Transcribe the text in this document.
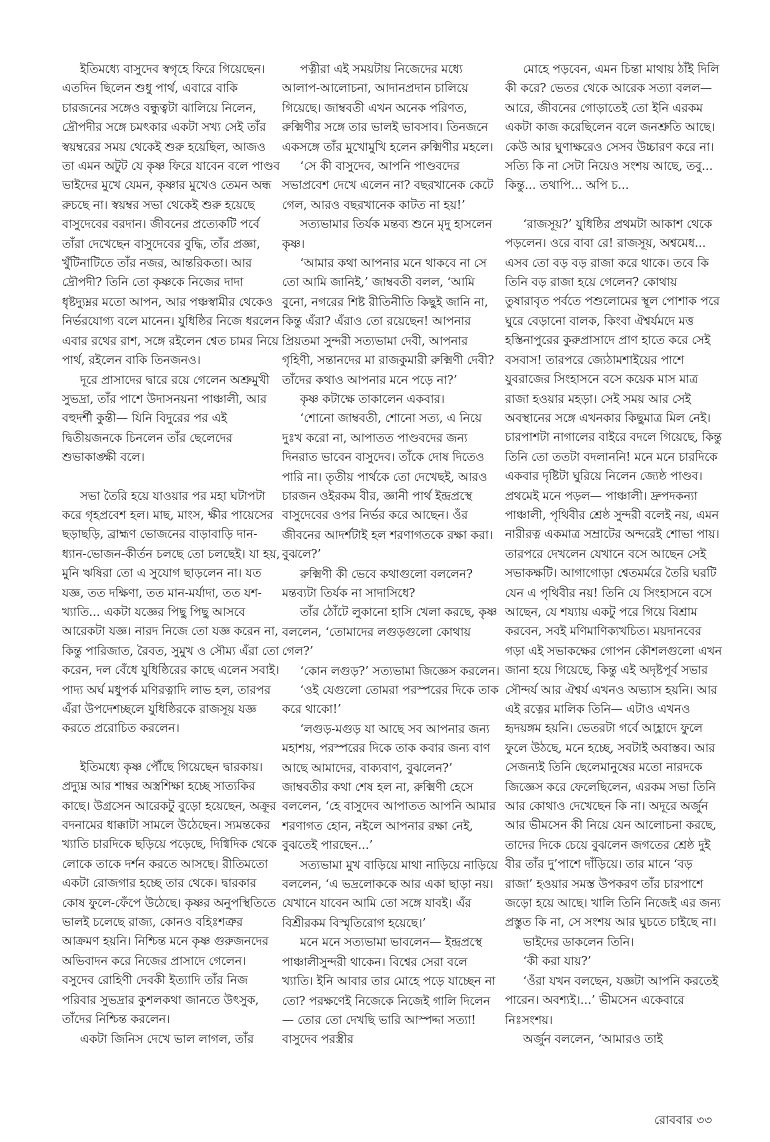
ইতিমধ্যে বাসুদেব স্বগৃহে ফিরে গিয়েছেন। এতদিন ছিলেন শুধু পার্থ, এবারে বাকি চারজনের সঙ্গেও বন্ধুত্বটা ঝালিয়ে নিলেন, দ্রৌপদীর সঙ্গে চমৎকার একটা সখ্য সেই তাঁর স্বয়ম্বরের সময় থেকেই শুরু হয়েছিল, আজও তা এমন অটুট যে কৃষ্ণ ফিরে যাবেন বলে পাণ্ডব ভাইদের মুখে যেমন, কৃষ্ণার মুখেও তেমন অন্ধ রুচছে না। স্বয়ম্বর সভা থেকেই শুরু হয়েছে বাসুদেবের বরদান। জীবনের প্রত্যেকটি পর্বে তাঁরা দেখেছেন বাসুদেবের বুদ্ধি, তাঁর প্রজ্ঞা, খুঁটিনাটিতে তাঁর নজর, আন্তরিকতা। আর দ্রৌপদী? তিনি তো কৃষ্ণকে নিজের দাদা ধৃষ্টদ্যুম্নর মতো আপন, আর পঞ্চস্বামীর থেকেও নির্ভরযোগ্য বলে মানেন। যুধিষ্ঠির নিজে ধরলেন এবার রথের রাশ, সঙ্গে রইলেন শ্বেত চামর নিয়ে পার্থ, রইলেন বাকি তিনজনও।

দূরে প্রাসাদের দ্বারে রয়ে গেলেন অশ্রুমুখী সুভদ্রা, তাঁর পাশে উদাসনয়না পাঞ্চালী, আর বহুদর্শী কুন্তী— যিনি বিদুরের পর এই দ্বিতীয়জনকে চিনলেন তাঁর ছেলেদের শুভাকাঙ্ক্ষী বলে।

সভা তৈরি হয়ে যাওয়ার পর মহা ঘটাপটা করে গৃহপ্রবেশ হল। মাছ, মাংস, ক্ষীর পায়েসের ছড়াছড়ি, ব্রাহ্মণ ভোজনের বাড়াবাড়ি দান-ধ্যান-ভোজন-কীর্তন চলছে তো চলছেই। যা হয়, মুনি ঋষিরা তো এ সুযোগ ছাড়লেন না। যত যজ্ঞ, তত দক্ষিণা, তত মান-মর্যাদা, তত যশ-খ্যাতি... একটা যজ্ঞের পিছু পিছু আসবে আরেকটা যজ্ঞ। নারদ নিজে তো যজ্ঞ করেন না, কিন্তু পারিজাত, রৈবত, সুমুখ ও সৌম্য এঁরা তো করেন, দল বেঁধে যুধিষ্ঠিরের কাছে এলেন সবাই। পাদ্য অর্ঘ মধুপর্ক মণিরত্নাদি লাভ হল, তারপর এঁরা উপদেশচ্ছলে যুধিষ্ঠিরকে রাজসূয় যজ্ঞ করতে প্ররোচিত করলেন।

ইতিমধ্যে কৃষ্ণ পৌঁছে গিয়েছেন দ্বারকায়। প্রদ্যুম্ন আর শাম্বর অস্ত্রশিক্ষা হচ্ছে সাত্যকির কাছে। উগ্রসেন আরেকটু বুড়ো হয়েছেন, অক্রূর বদনামের ধাক্কাটা সামলে উঠেছেন। স্যমন্তকের খ্যাতি চারদিকে ছড়িয়ে পড়েছে, দিগ্বিদিক থেকে লোকে তাকে দর্শন করতে আসছে। রীতিমতো একটা রোজগার হচ্ছে তার থেকে। দ্বারকার কোষ ফুলে-ফেঁপে উঠেছে। কৃষ্ণর অনুপস্থিতিতে ভালই চলেছে রাজ্য, কোনও বহিঃশত্রুর আক্রমণ হয়নি। নিশ্চিন্ত মনে কৃষ্ণ গুরুজনদের অভিবাদন করে নিজের প্রাসাদে গেলেন। বসুদেব রোহিণী দেবকী ইত্যাদি তাঁর নিজ পরিবার সুভদ্রার কুশলকথা জানতে উৎসুক, তাঁদের নিশ্চিন্ত করলেন।

একটা জিনিস দেখে ভাল লাগল, তাঁর

পত্নীরা এই সময়টায় নিজেদের মধ্যে আলাপ-আলোচনা, আদানপ্রদান চালিয়ে গিয়েছে। জাম্ববতী এখন অনেক পরিণত, রুক্মিণীর সঙ্গে তার ভালই ভাবসাব। তিনজনে একসঙ্গে তাঁর মুখোমুখি হলেন রুক্মিণীর মহলে।

‘সে কী বাসুদেব, আপনি পাণ্ডবদের সভাপ্রবেশ দেখে এলেন না? বছরখানেক কেটে গেল, আরও বছরখানেক কাটত না হয়!’

সত্যভামার তির্যক মন্তব্য শুনে মৃদু হাসলেন কৃষ্ণ।

‘আমার কথা আপনার মনে থাকবে না সে তো আমি জানিই,’ জাম্ববতী বলল, ‘আমি বুনো, নগরের শিষ্ট রীতিনীতি কিছুই জানি না, কিন্তু এঁরা? এঁরাও তো রয়েছেন! আপনার প্রিয়তমা সুন্দরী সত্যভামা দেবী, আপনার গৃহিণী, সন্তানদের মা রাজকুমারী রুক্মিণী দেবী? তাঁদের কথাও আপনার মনে পড়ে না?’

কৃষ্ণ কটাক্ষে তাকালেন একবার।

‘শোনো জাম্ববতী, শোনো সত্য, এ নিয়ে দুঃখ করো না, আপাতত পাণ্ডবদের জন্য দিনরাত ভাবেন বাসুদেব। তাঁকে দোষ দিতেও পারি না। তৃতীয় পার্থকে তো দেখেছই, আরও চারজন ওইরকম বীর, জ্ঞানী পার্থ ইন্দ্রপ্রস্থে বাসুদেবের ওপর নির্ভর করে আছেন। ওঁর জীবনের আদর্শটাই হল শরণাগতকে রক্ষা করা। বুঝলে?’

রুক্মিণী কী ভেবে কথাগুলো বললেন? মন্তব্যটা তির্যক না সাদাসিধে?

তাঁর ঠোঁটে লুকানো হাসি খেলা করছে, কৃষ্ণ বললেন, ‘তোমাদের লগুড়গুলো কোথায় গেল?’

‘কোন লগুড়?’ সত্যভামা জিজ্ঞেস করলেন।

‘ওই যেগুলো তোমরা পরস্পরের দিকে তাক করে থাকো!’

‘লগুড়-মগুড় যা আছে সব আপনার জন্য মহাশয়, পরস্পরের দিকে তাক কবার জন্য বাণ আছে আমাদের, বাক্যবাণ, বুঝলেন?’ জাম্ববতীর কথা শেষ হল না, রুক্মিণী হেসে বললেন, ‘হে বাসুদেব আপাতত আপনি আমার শরণাগত হোন, নইলে আপনার রক্ষা নেই, বুঝতেই পারছেন...’

সত্যভামা মুখ বাড়িয়ে মাথা নাড়িয়ে নাড়িয়ে বললেন, ‘এ ভদ্রলোককে আর একা ছাড়া নয়। যেখানে যাবেন আমি তো সঙ্গে যাবই। এঁর বিশ্রীরকম বিস্মৃতিরোগ হয়েছে।’

মনে মনে সত্যভামা ভাবলেন— ইন্দ্রপ্রস্থে পাঞ্চালীসুন্দরী থাকেন। বিশ্বের সেরা বলে খ্যাতি। ইনি আবার তার মোহে পড়ে যাচ্ছেন না তো? পরক্ষণেই নিজেকে নিজেই গালি দিলেন— তোর তো দেখছি ভারি আস্পদ্দা সত্যা! বাসুদেব পরস্ত্রীর

মোহে পড়বেন, এমন চিন্তা মাথায় ঠাঁই দিলি কী করে? ভেতর থেকে আরেক সত্যা বলল— আরে, জীবনের গোড়াতেই তো ইনি এরকম একটা কাজ করেছিলেন বলে জনশ্রুতি আছে। কেউ আর ঘুণাক্ষরেও সেসব উচ্চারণ করে না। সত্যি কি না সেটা নিয়েও সংশয় আছে, তবু... কিন্তু... তথাপি... অপি চ...

‘রাজসূয়?’ যুধিষ্ঠির প্রথমটা আকাশ থেকে পড়লেন। ওরে বাবা রে! রাজসূয়, অশ্বমেধ... এসব তো বড় বড় রাজা করে থাকে। তবে কি তিনি বড় রাজা হয়ে গেলেন? কোথায় তুষারাবৃত পর্বতে পশুলোমের স্থূল পোশাক পরে ঘুরে বেড়ানো বালক, কিংবা ঐশ্বর্যমদে মত্ত হস্তিনাপুরের কুরুপ্রাসাদে প্রাণ হাতে করে সেই বসবাস! তারপরে জ্যেঠামশাইয়ের পাশে যুবরাজের সিংহাসনে বসে কয়েক মাস মাত্র রাজা হওয়ার মহড়া। সেই সময় আর সেই অবস্থানের সঙ্গে এখনকার কিছুমাত্র মিল নেই। চারপাশটা নাগালের বাইরে বদলে গিয়েছে, কিন্তু তিনি তো ততটা বদলাননি! মনে মনে চারদিকে একবার দৃষ্টিটা ঘুরিয়ে নিলেন জ্যেষ্ঠ পাণ্ডব। প্রথমেই মনে পড়ল— পাঞ্চালী। দ্রুপদকন্যা পাঞ্চালী, পৃথিবীর শ্রেষ্ঠ সুন্দরী বলেই নয়, এমন নারীরত্ন একমাত্র সম্রাটের অন্দরেই শোভা পায়। তারপরে দেখলেন যেখানে বসে আছেন সেই সভাকক্ষটি। আগাগোড়া শ্বেতমর্মরে তৈরি ঘরটি যেন এ পৃথিবীর নয়! তিনি যে সিংহাসনে বসে আছেন, যে শয্যায় একটু পরে গিয়ে বিশ্রাম করবেন, সবই মণিমাণিক্যখচিত। ময়দানবের গড়া এই সভাকক্ষের গোপন কৌশলগুলো এখন জানা হয়ে গিয়েছে, কিন্তু এই অদৃষ্টপূর্ব সভার সৌন্দর্য আর ঐশ্বর্য এখনও অভ্যাস হয়নি। আর এই রত্নের মালিক তিনি— এটাও এখনও হৃদয়ঙ্গম হয়নি। ভেতরটা গর্বে আহ্লাদে ফুলে ফুলে উঠছে, মনে হচ্ছে, সবটাই অবাস্তব। আর সেজন্যই তিনি ছেলেমানুষের মতো নারদকে জিজ্ঞেস করে ফেলেছিলেন, এরকম সভা তিনি আর কোথাও দেখেছেন কি না। অদূরে অর্জুন আর ভীমসেন কী নিয়ে যেন আলোচনা করছে, তাদের দিকে চেয়ে বুঝলেন জগতের শ্রেষ্ঠ দুই বীর তাঁর দু’পাশে দাঁড়িয়ে। তার মানে ‘বড় রাজা’ হওয়ার সমস্ত উপকরণ তাঁর চারপাশে জড়ো হয়ে আছে। খালি তিনি নিজেই এর জন্য প্রস্তুত কি না, সে সংশয় আর ঘুচতে চাইছে না।

ভাইদের ডাকলেন তিনি।

‘কী করা যায়?’

‘ওঁরা যখন বলছেন, যজ্ঞটা আপনি করতেই পারেন। অবশ্যই।...’ ভীমসেন একেবারে নিঃসংশয়।

অর্জুন বললেন, ‘আমারও তাই

রোববার ৩৩
